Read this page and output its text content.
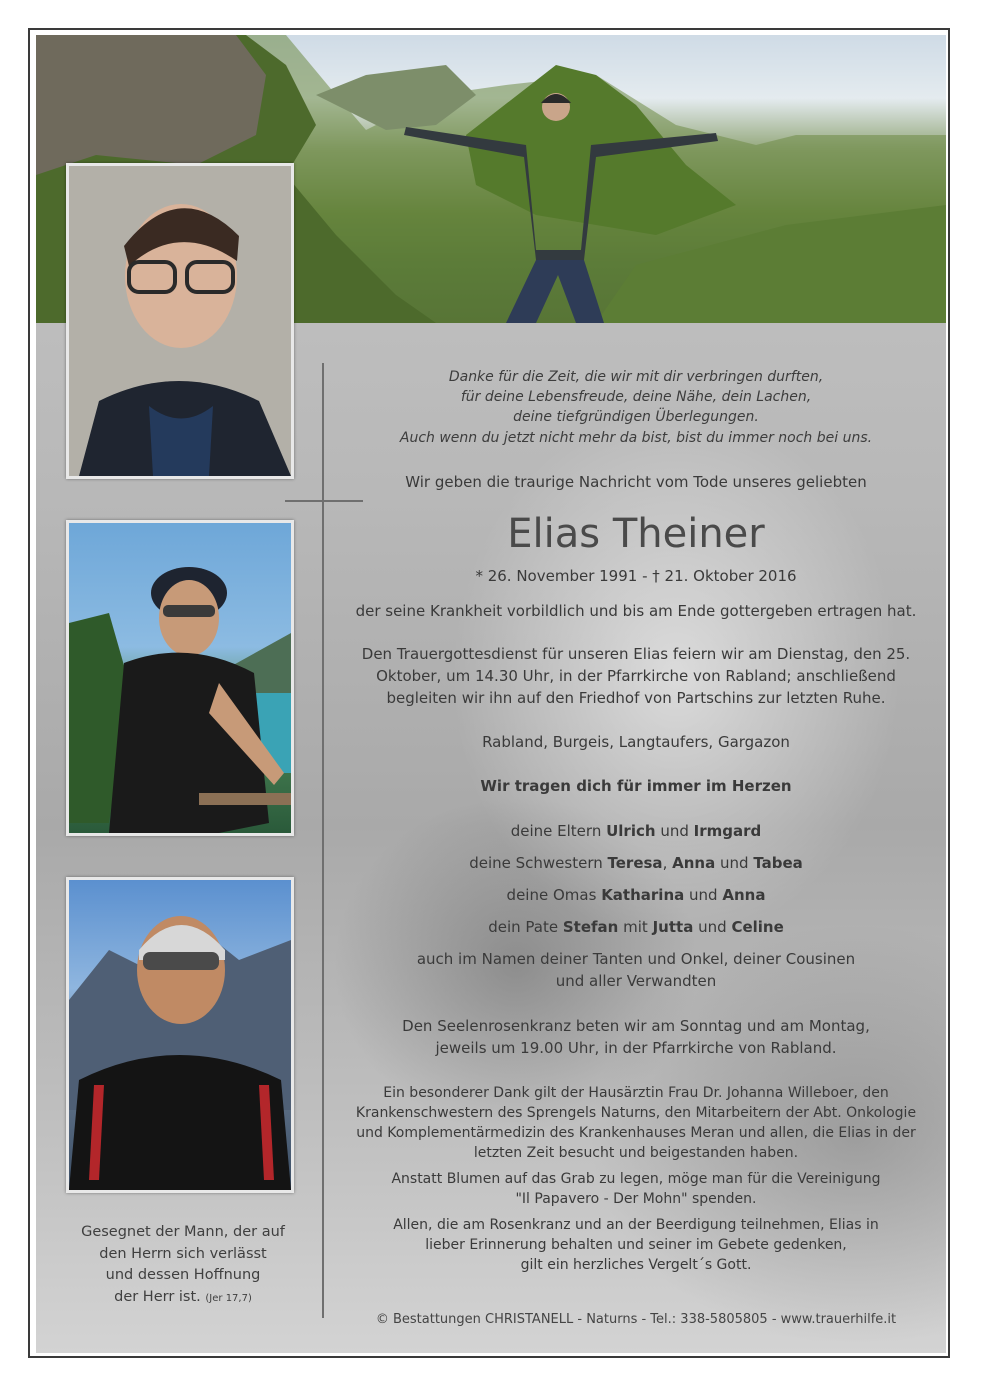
Danke für die Zeit, die wir mit dir verbringen durften,
für deine Lebensfreude, deine Nähe, dein Lachen,
deine tiefgründigen Überlegungen.
Auch wenn du jetzt nicht mehr da bist, bist du immer noch bei uns.
Wir geben die traurige Nachricht vom Tode unseres geliebten
Elias Theiner
* 26. November 1991 - † 21. Oktober 2016
der seine Krankheit vorbildlich und bis am Ende gottergeben ertragen hat.
Den Trauergottesdienst für unseren Elias feiern wir am Dienstag, den 25.
Oktober, um 14.30 Uhr, in der Pfarrkirche von Rabland; anschließend
begleiten wir ihn auf den Friedhof von Partschins zur letzten Ruhe.
Rabland, Burgeis, Langtaufers, Gargazon
Wir tragen dich für immer im Herzen
deine Eltern Ulrich und Irmgard
deine Schwestern Teresa, Anna und Tabea
deine Omas Katharina und Anna
dein Pate Stefan mit Jutta und Celine
auch im Namen deiner Tanten und Onkel, deiner Cousinen
und aller Verwandten
Den Seelenrosenkranz beten wir am Sonntag und am Montag,
jeweils um 19.00 Uhr, in der Pfarrkirche von Rabland.
Ein besonderer Dank gilt der Hausärztin Frau Dr. Johanna Willeboer, den
Krankenschwestern des Sprengels Naturns, den Mitarbeitern der Abt. Onkologie
und Komplementärmedizin des Krankenhauses Meran und allen, die Elias in der
letzten Zeit besucht und beigestanden haben.
Anstatt Blumen auf das Grab zu legen, möge man für die Vereinigung
"Il Papavero - Der Mohn" spenden.
Allen, die am Rosenkranz und an der Beerdigung teilnehmen, Elias in
lieber Erinnerung behalten und seiner im Gebete gedenken,
gilt ein herzliches Vergelt´s Gott.
© Bestattungen CHRISTANELL - Naturns - Tel.: 338-5805805 - www.trauerhilfe.it
Gesegnet der Mann, der auf
den Herrn sich verlässt
und dessen Hoffnung
der Herr ist. (Jer 17,7)
